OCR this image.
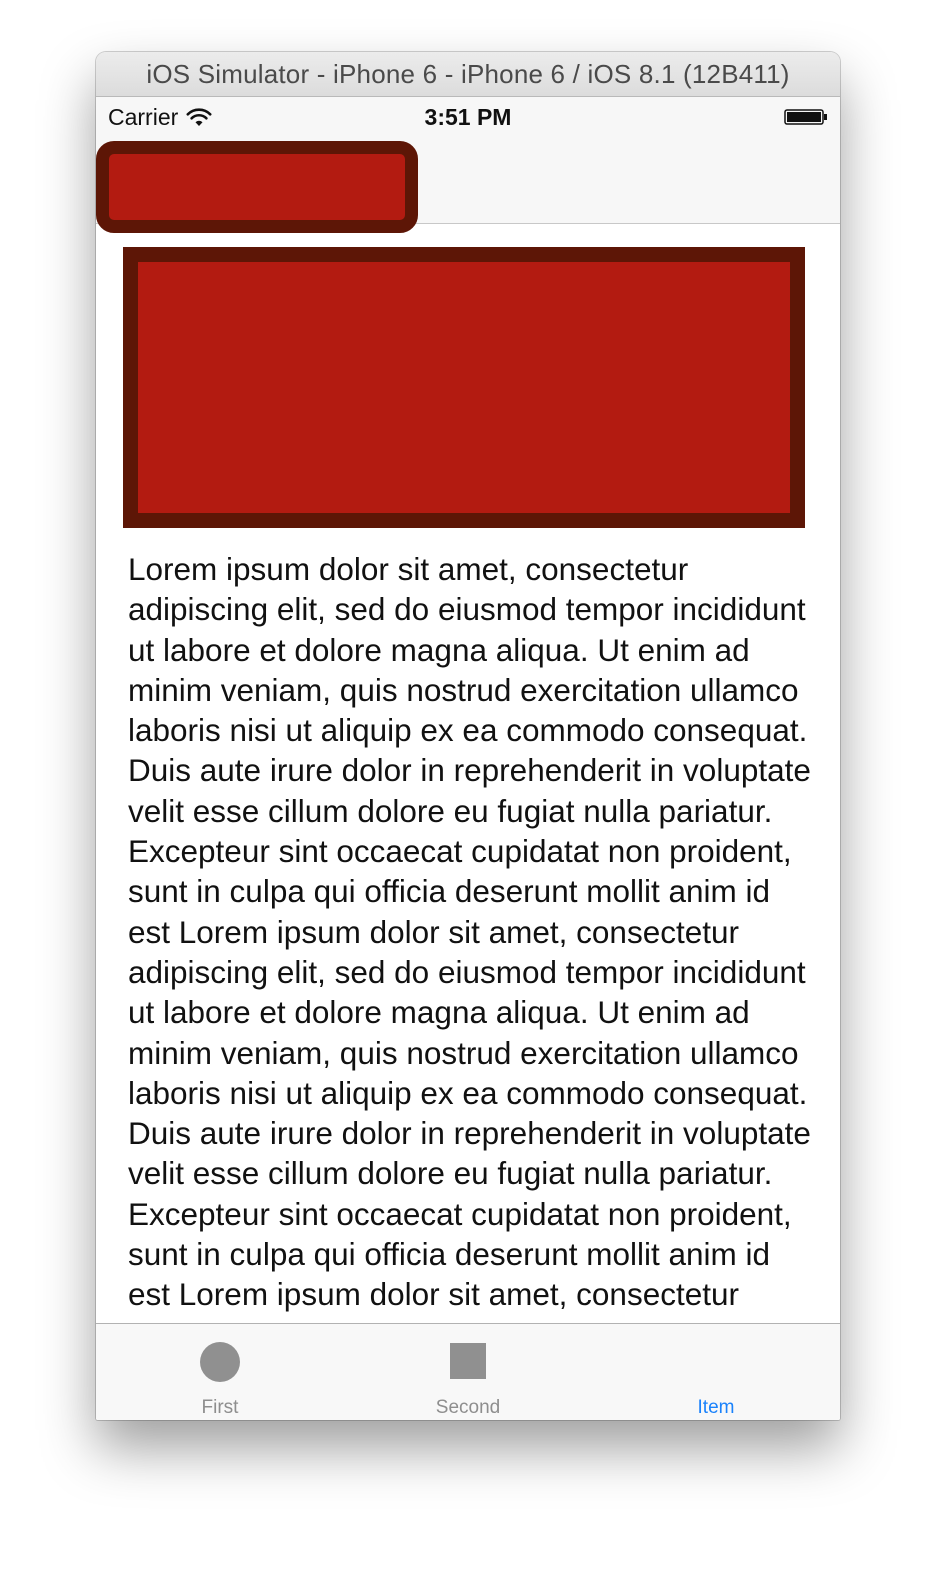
iOS Simulator - iPhone 6 - iPhone 6 / iOS 8.1 (12B411)
Lorem ipsum dolor sit amet, consectetur adipiscing elit, sed do eiusmod tempor incididunt ut labore et dolore magna aliqua. Ut enim ad minim veniam, quis nostrud exercitation ullamco laboris nisi ut aliquip ex ea commodo consequat. Duis aute irure dolor in reprehenderit in voluptate velit esse cillum dolore eu fugiat nulla pariatur. Excepteur sint occaecat cupidatat non proident, sunt in culpa qui officia deserunt mollit anim id est Lorem ipsum dolor sit amet, consectetur adipiscing elit, sed do eiusmod tempor incididunt ut labore et dolore magna aliqua. Ut enim ad minim veniam, quis nostrud exercitation ullamco laboris nisi ut aliquip ex ea commodo consequat. Duis aute irure dolor in reprehenderit in voluptate velit esse cillum dolore eu fugiat nulla pariatur. Excepteur sint occaecat cupidatat non proident, sunt in culpa qui officia deserunt mollit anim id est Lorem ipsum dolor sit amet, consectetur
Carrier	3:51 PM
First	Second	Item
